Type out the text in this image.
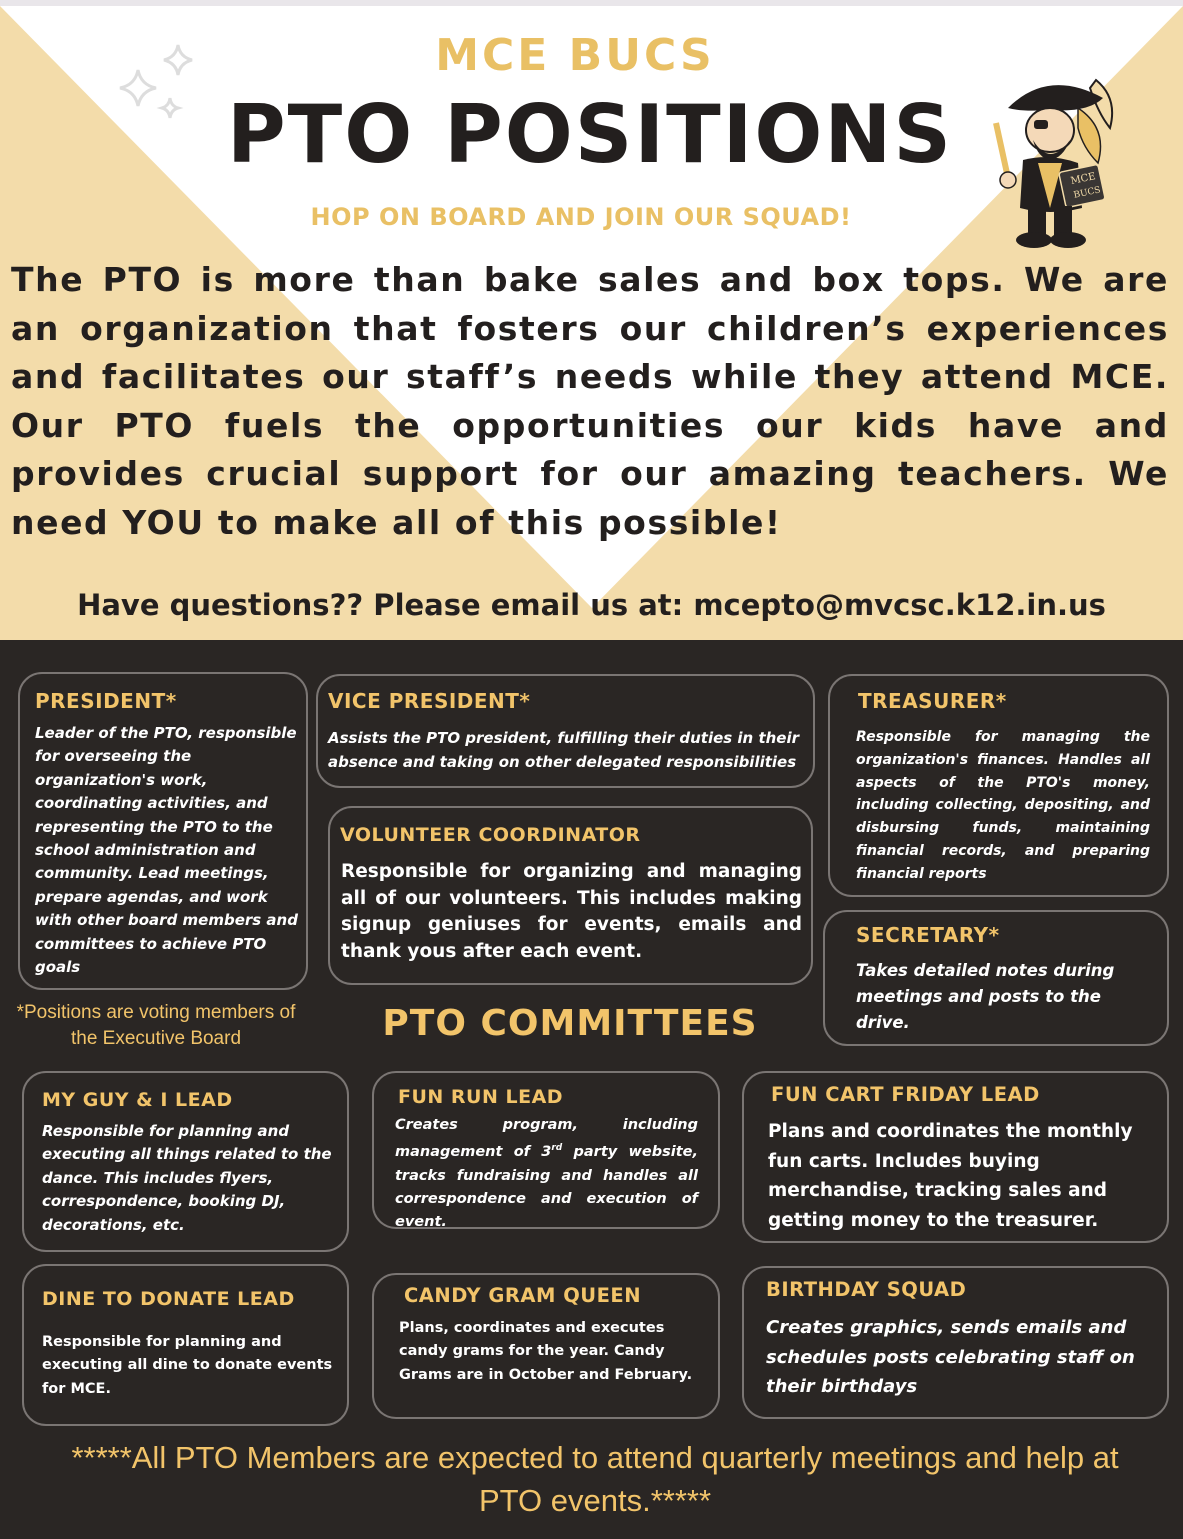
MCE BUCS
PTO POSITIONS
HOP ON BOARD AND JOIN OUR SQUAD!
MCE
BUCS
The PTO is more than bake sales and box tops. We are an organization that fosters our children’s experiences and facilitates our staff’s needs while they attend MCE. Our PTO fuels the opportunities our kids have and provides crucial support for our amazing teachers. We need YOU to make all of this possible!
Have questions?? Please email us at: mcepto@mvcsc.k12.in.us
PRESIDENT*
Leader of the PTO, responsible for overseeing the organization's work, coordinating activities, and representing the PTO to the school administration and community. Lead meetings, prepare agendas, and work with other board members and committees to achieve PTO goals
VICE PRESIDENT*
Assists the PTO president, fulfilling their duties in their absence and taking on other delegated responsibilities
TREASURER*
Responsible for managing the organization's finances. Handles all aspects of the PTO's money, including collecting, depositing, and disbursing funds, maintaining financial records, and preparing financial reports
VOLUNTEER COORDINATOR
Responsible for organizing and managing all of our volunteers. This includes making signup geniuses for events, emails and thank yous after each event.
SECRETARY*
Takes detailed notes during meetings and posts to the drive.
*Positions are voting members of the Executive Board	PTO COMMITTEES
MY GUY & I LEAD
Responsible for planning and executing all things related to the dance. This includes flyers, correspondence, booking DJ, decorations, etc.
FUN RUN LEAD
Creates program, including management of 3rd party website, tracks fundraising and handles all correspondence and execution of event.
FUN CART FRIDAY LEAD
Plans and coordinates the monthly fun carts. Includes buying merchandise, tracking sales and getting money to the treasurer.
DINE TO DONATE LEAD
Responsible for planning and executing all dine to donate events for MCE.
CANDY GRAM QUEEN
Plans, coordinates and executes candy grams for the year. Candy Grams are in October and February.
BIRTHDAY SQUAD
Creates graphics, sends emails and schedules posts celebrating staff on their birthdays
*****All PTO Members are expected to attend quarterly meetings and help at PTO events.*****
